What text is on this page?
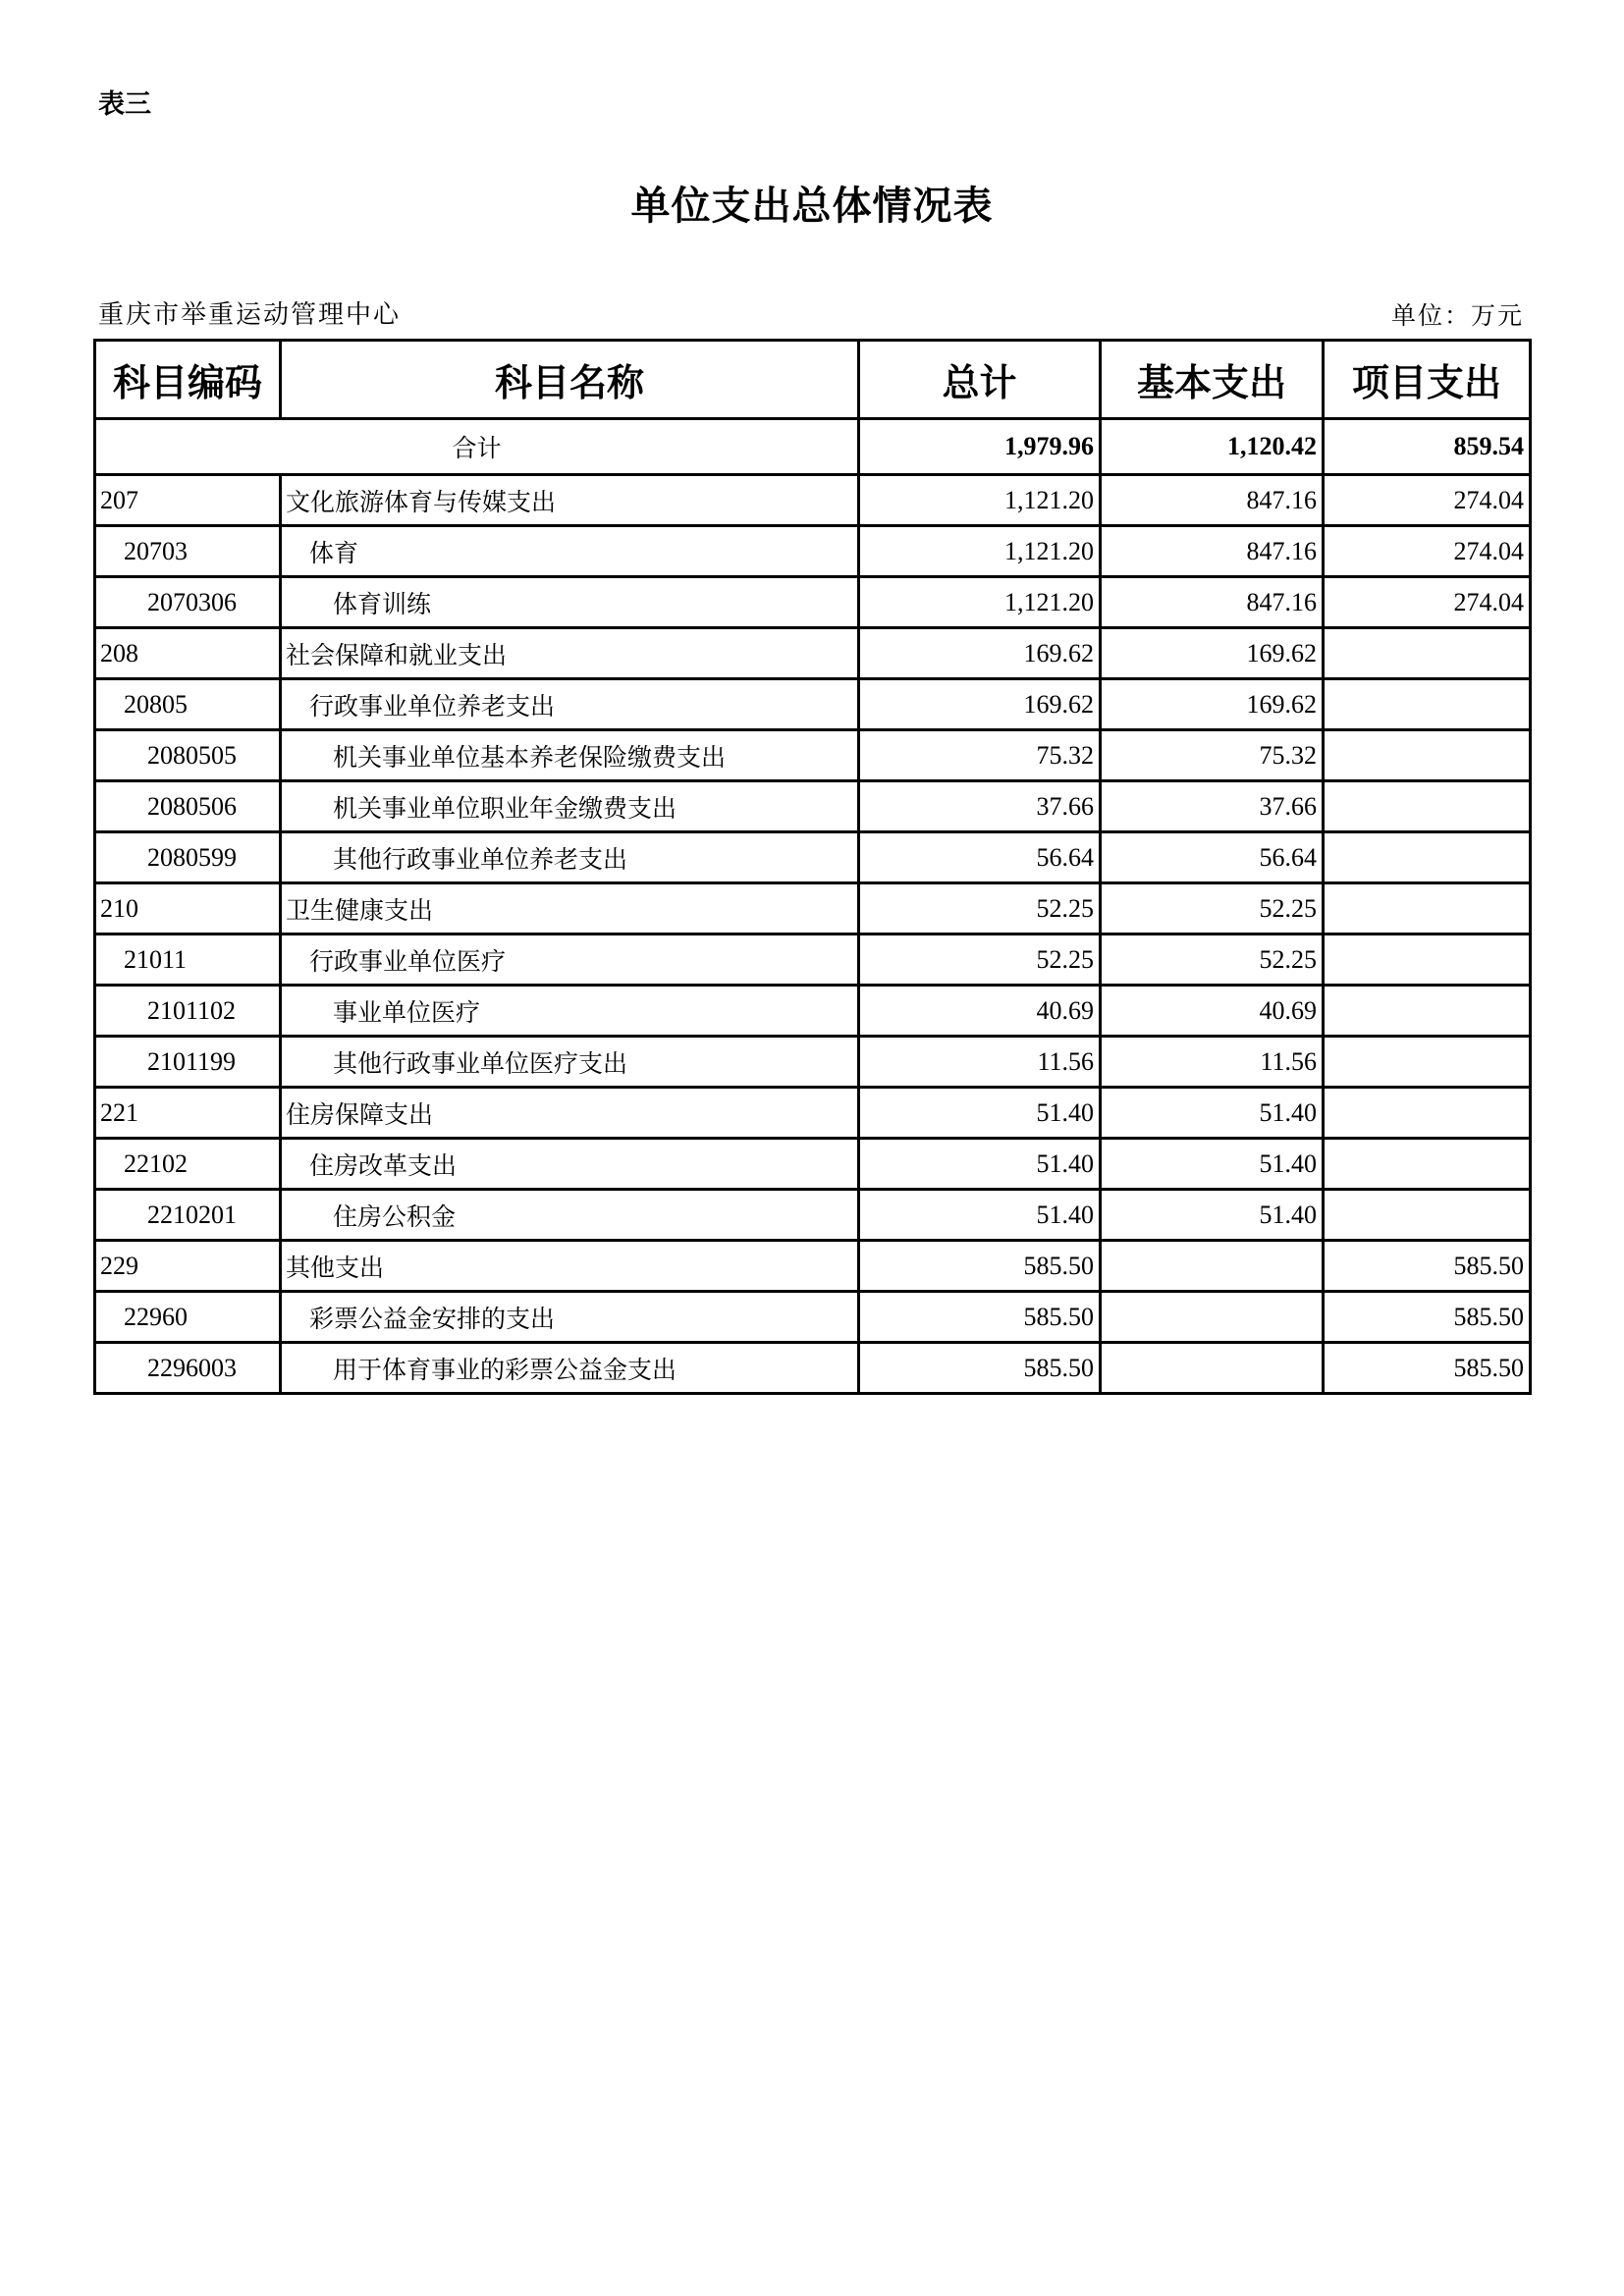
表三
单位支出总体情况表
重庆市举重运动管理中心	单位：万元
科目编码	科目名称	总计	基本支出	项目支出
合计		1,979.96	1,120.42	859.54
207	文化旅游体育与传媒支出	1,121.20	847.16	274.04
20703	体育	1,121.20	847.16	274.04
2070306	体育训练	1,121.20	847.16	274.04
208	社会保障和就业支出	169.62	169.62	
20805	行政事业单位养老支出	169.62	169.62	
2080505	机关事业单位基本养老保险缴费支出	75.32	75.32	
2080506	机关事业单位职业年金缴费支出	37.66	37.66	
2080599	其他行政事业单位养老支出	56.64	56.64	
210	卫生健康支出	52.25	52.25	
21011	行政事业单位医疗	52.25	52.25	
2101102	事业单位医疗	40.69	40.69	
2101199	其他行政事业单位医疗支出	11.56	11.56	
221	住房保障支出	51.40	51.40	
22102	住房改革支出	51.40	51.40	
2210201	住房公积金	51.40	51.40	
229	其他支出	585.50		585.50
22960	彩票公益金安排的支出	585.50		585.50
2296003	用于体育事业的彩票公益金支出	585.50		585.50
